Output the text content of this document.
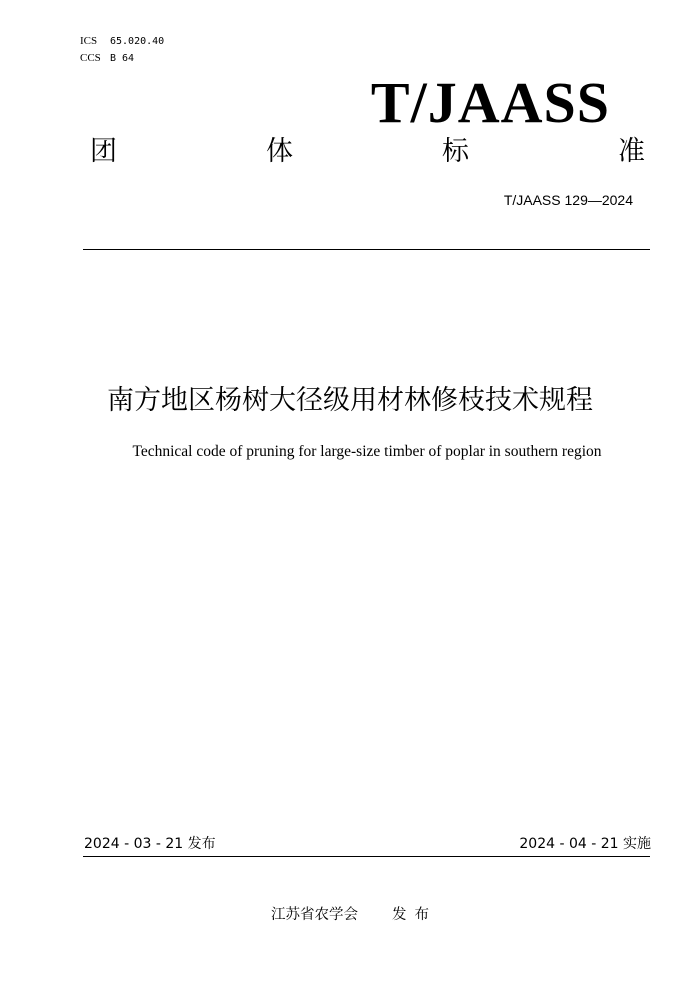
ICS 65.020.40
CCS B 64
T/JAASS
团	体	标	准
T/JAASS 129—2024
南方地区杨树大径级用材林修枝技术规程
Technical code of pruning for large-size timber of poplar in southern region
2024 - 03 - 21 发布	2024 - 04 - 21 实施
江苏省农学会 发布
